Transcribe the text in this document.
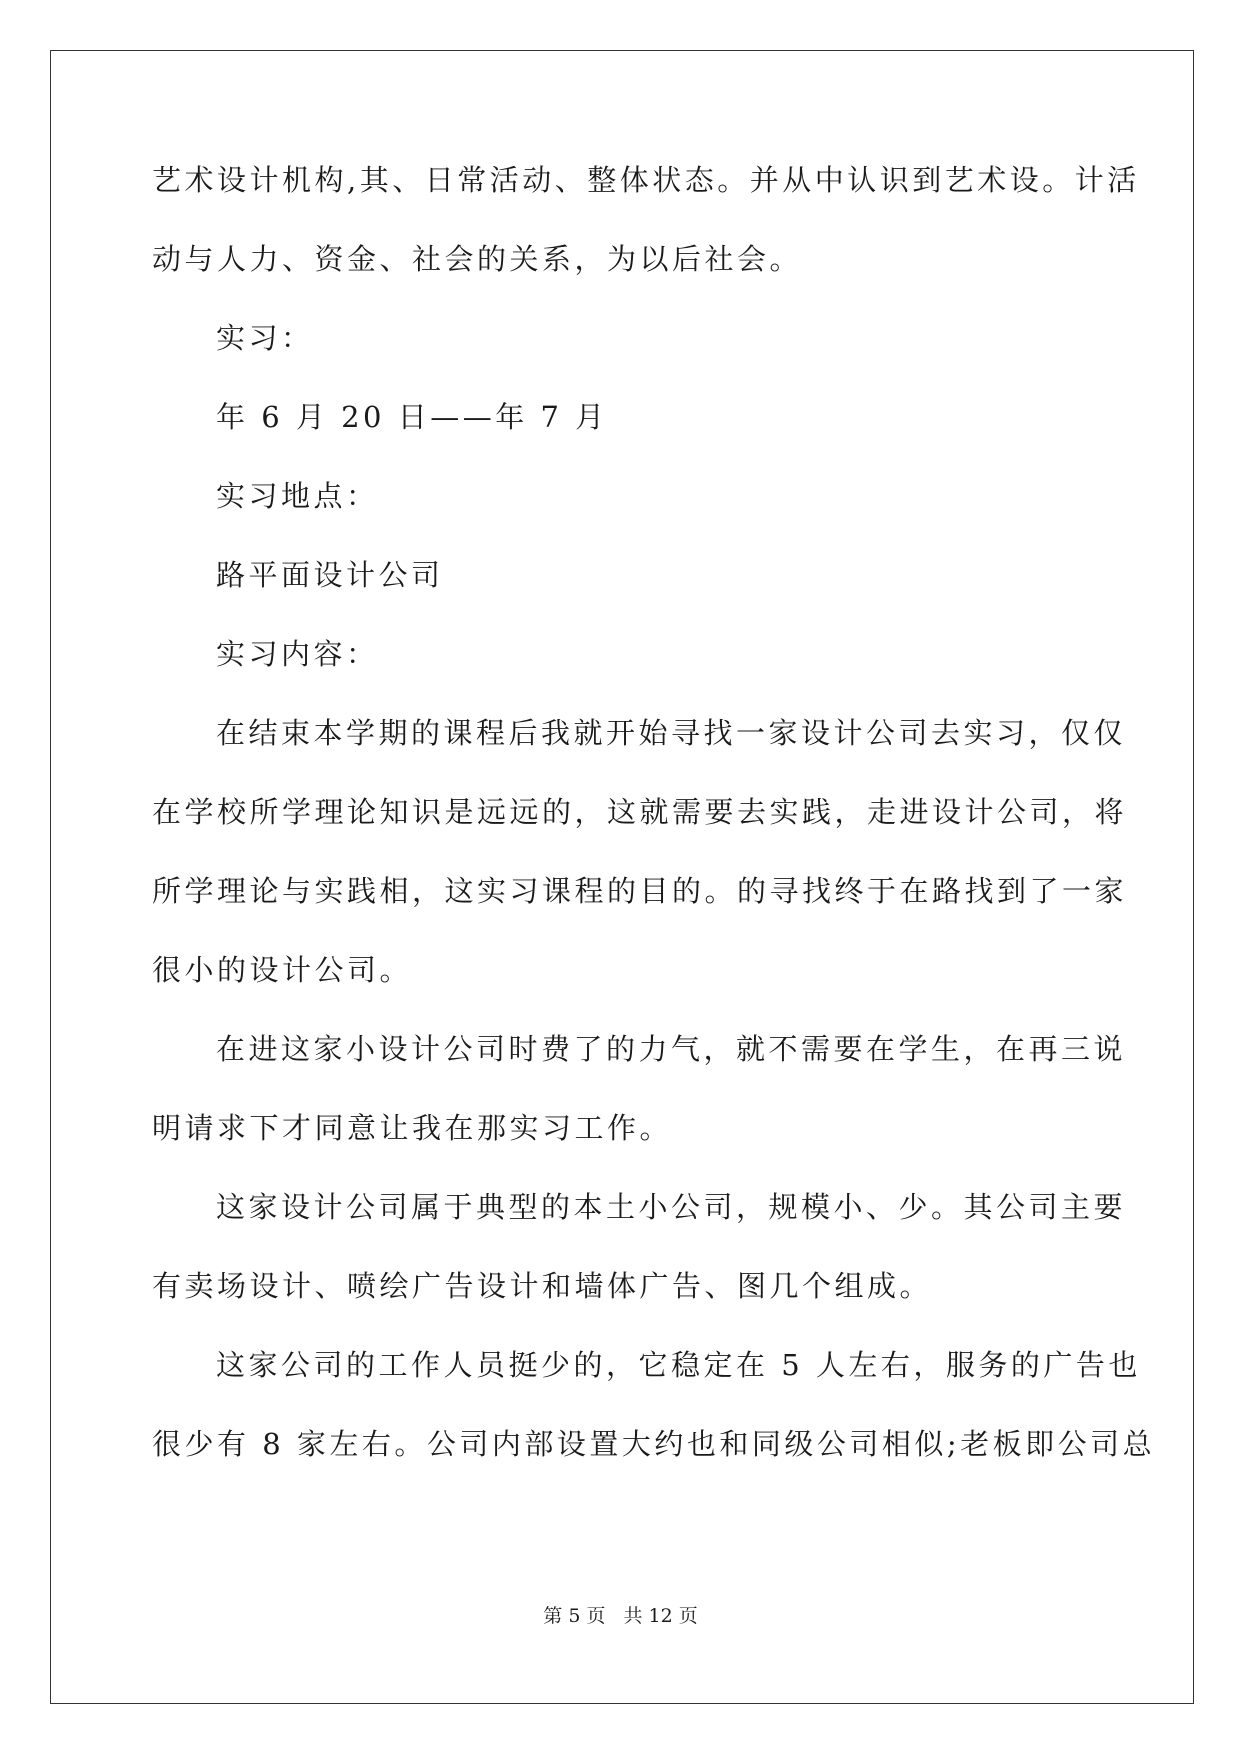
艺术设计机构,其、日常活动、整体状态。并从中认识到艺术设。计活
动与人力、资金、社会的关系，为以后社会。
实习：
年 6 月 20 日——年 7 月
实习地点：
路平面设计公司
实习内容：
在结束本学期的课程后我就开始寻找一家设计公司去实习，仅仅
在学校所学理论知识是远远的，这就需要去实践，走进设计公司，将
所学理论与实践相，这实习课程的目的。的寻找终于在路找到了一家
很小的设计公司。
在进这家小设计公司时费了的力气，就不需要在学生，在再三说
明请求下才同意让我在那实习工作。
这家设计公司属于典型的本土小公司，规模小、少。其公司主要
有卖场设计、喷绘广告设计和墙体广告、图几个组成。
这家公司的工作人员挺少的，它稳定在 5 人左右，服务的广告也
很少有 8 家左右。公司内部设置大约也和同级公司相似;老板即公司总
第 5 页 共 12 页
